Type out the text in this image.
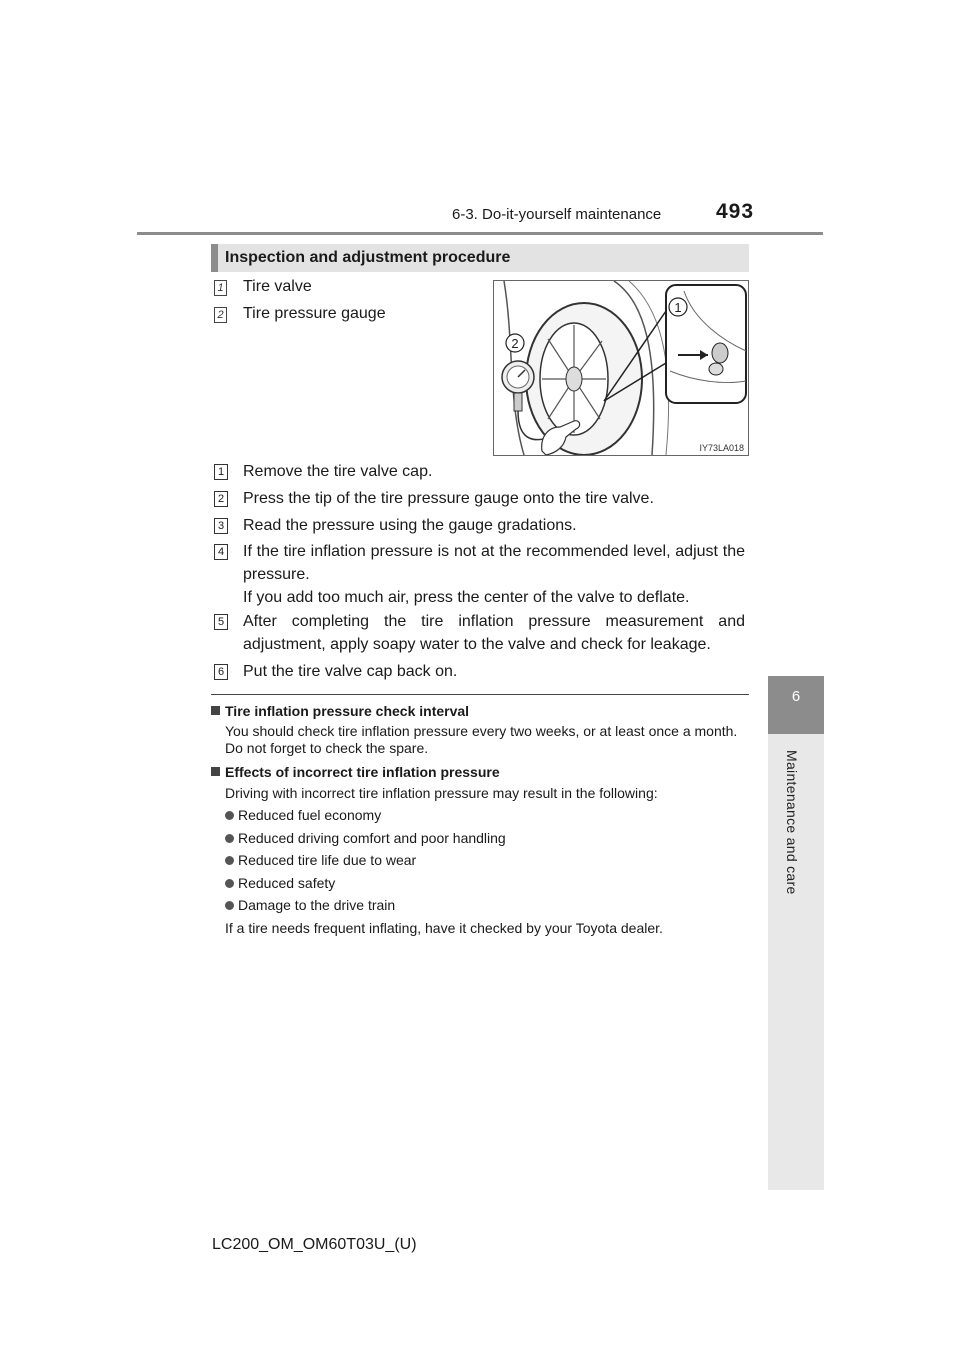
6-3. Do-it-yourself maintenance	493
6
Maintenance and care
Inspection and adjustment procedure
1 Tire valve
2 Tire pressure gauge	1
2
IY73LA018
1 Remove the tire valve cap.
2 Press the tip of the tire pressure gauge onto the tire valve.
3 Read the pressure using the gauge gradations.
4 If the tire inflation pressure is not at the recommended level, adjust the pressure.
If you add too much air, press the center of the valve to deflate.
5 After completing the tire inflation pressure measurement and adjustment, apply soapy water to the valve and check for leakage.
6 Put the tire valve cap back on.
Tire inflation pressure check interval
You should check tire inflation pressure every two weeks, or at least once a month. Do not forget to check the spare.
Effects of incorrect tire inflation pressure
Driving with incorrect tire inflation pressure may result in the following:
Reduced fuel economy
Reduced driving comfort and poor handling
Reduced tire life due to wear
Reduced safety
Damage to the drive train
If a tire needs frequent inflating, have it checked by your Toyota dealer.
LC200_OM_OM60T03U_(U)
